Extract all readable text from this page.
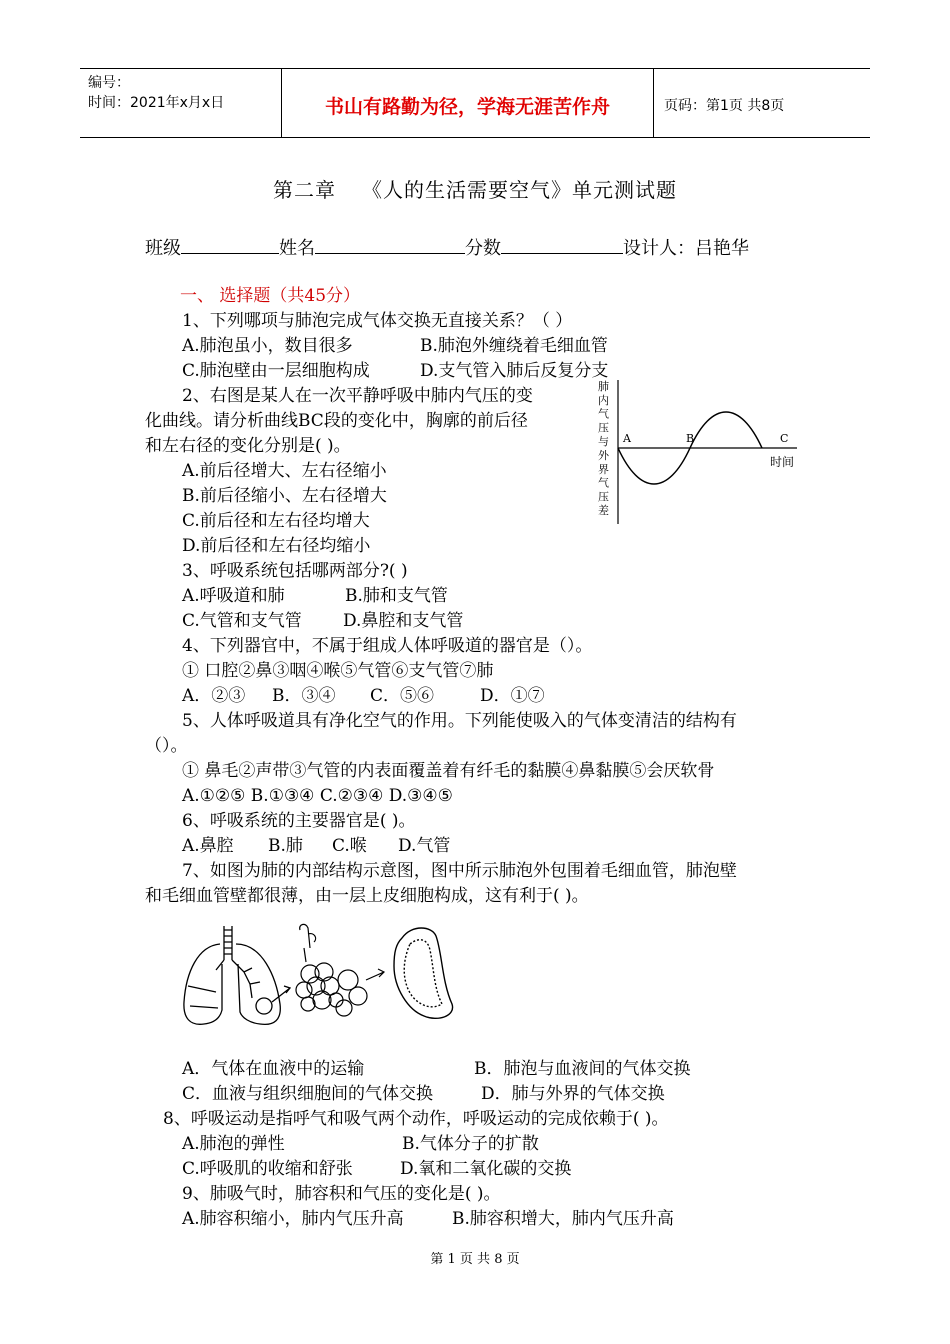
编号：
时间：2021年x月x日	书山有路勤为径，学海无涯苦作舟	页码：第1页 共8页
第二章 《人的生活需要空气》单元测试题
班级	姓名	分数	设计人：吕艳华
一、 选择题（共45分）
1、下列哪项与肺泡完成气体交换无直接关系？（ ）
A.肺泡虽小，数目很多	B.肺泡外缠绕着毛细血管
C.肺泡壁由一层细胞构成	D.支气管入肺后反复分支
2、右图是某人在一次平静呼吸中肺内气压的变
化曲线。请分析曲线BC段的变化中，胸廓的前后径
和左右径的变化分别是( )。
A.前后径增大、左右径缩小
B.前后径缩小、左右径增大
C.前后径和左右径均增大
D.前后径和左右径均缩小
肺
内
气
压
与
外
界
气
压
差
A	B	C
时间
3、呼吸系统包括哪两部分?( )
A.呼吸道和肺	B.肺和支气管
C.气管和支气管 D.鼻腔和支气管
4、下列器官中，不属于组成人体呼吸道的器官是（）。
① 口腔②鼻③咽④喉⑤气管⑥支气管⑦肺
A．②③ B．③④ C．⑤⑥	D．①⑦
5、人体呼吸道具有净化空气的作用。下列能使吸入的气体变清洁的结构有
（）。
① 鼻毛②声带③气管的内表面覆盖着有纤毛的黏膜④鼻黏膜⑤会厌软骨
A.①②⑤ B.①③④ C.②③④ D.③④⑤
6、呼吸系统的主要器官是( )。
A.鼻腔 B.肺 C.喉 D.气管
7、如图为肺的内部结构示意图，图中所示肺泡外包围着毛细血管，肺泡壁
和毛细血管壁都很薄，由一层上皮细胞构成，这有利于( )。
A．气体在血液中的运输	B．肺泡与血液间的气体交换
C．血液与组织细胞间的气体交换	D．肺与外界的气体交换
8、呼吸运动是指呼气和吸气两个动作，呼吸运动的完成依赖于( )。
A.肺泡的弹性	B.气体分子的扩散
C.呼吸肌的收缩和舒张	D.氧和二氧化碳的交换
9、肺吸气时，肺容积和气压的变化是( )。
A.肺容积缩小，肺内气压升高	B.肺容积增大，肺内气压升高
第 1 页 共 8 页
